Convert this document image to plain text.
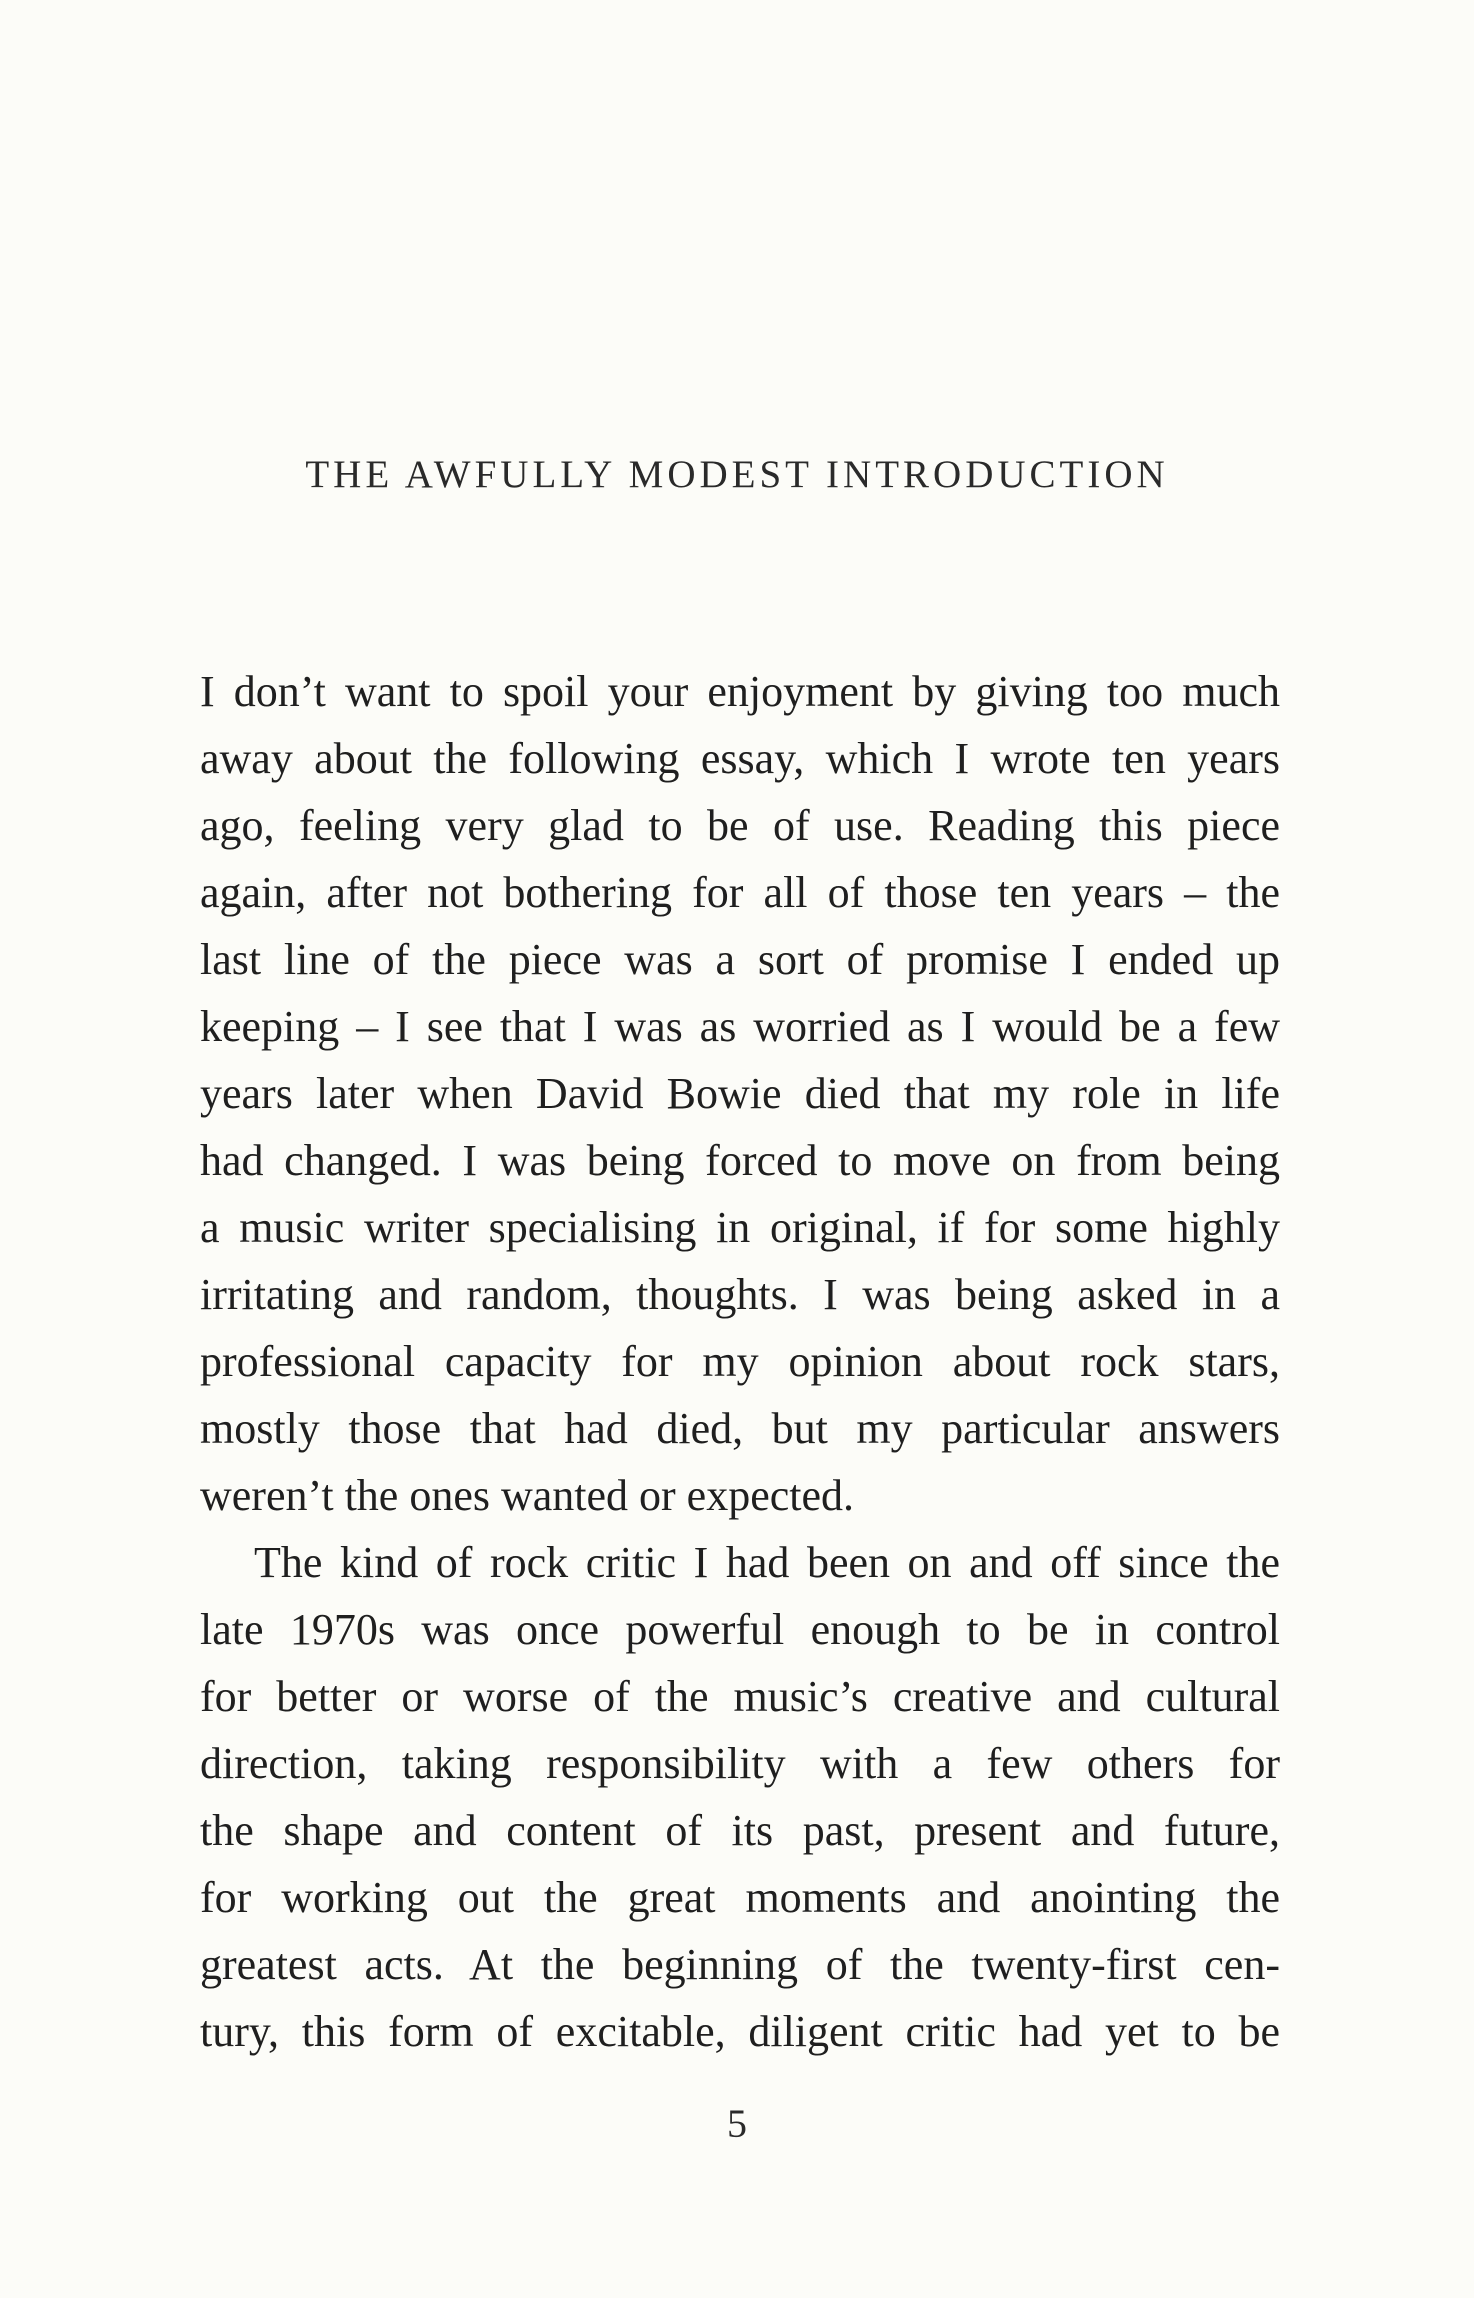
THE AWFULLY MODEST INTRODUCTION

I don’t want to spoil your enjoyment by giving too much
away about the following essay, which I wrote ten years
ago, feeling very glad to be of use. Reading this piece
again, after not bothering for all of those ten years – the
last line of the piece was a sort of promise I ended up
keeping – I see that I was as worried as I would be a few
years later when David Bowie died that my role in life
had changed. I was being forced to move on from being
a music writer specialising in original, if for some highly
irritating and random, thoughts. I was being asked in a
professional capacity for my opinion about rock stars,
mostly those that had died, but my particular answers
weren’t the ones wanted or expected.

The kind of rock critic I had been on and off since the
late 1970s was once powerful enough to be in control
for better or worse of the music’s creative and cultural
direction, taking responsibility with a few others for
the shape and content of its past, present and future,
for working out the great moments and anointing the
greatest acts. At the beginning of the twenty-first cen-
tury, this form of excitable, diligent critic had yet to be

5
